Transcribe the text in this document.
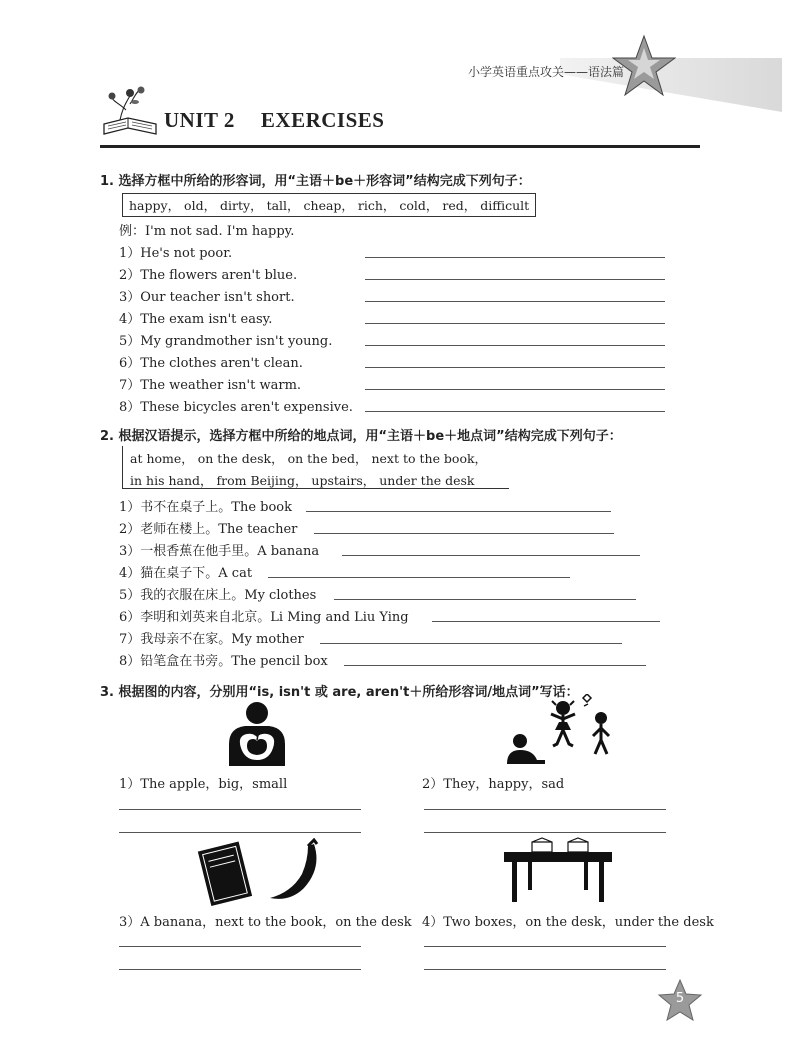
小学英语重点攻关——语法篇
UNIT 2 EXERCISES
1. 选择方框中所给的形容词，用“主语＋be＋形容词”结构完成下列句子：
happy， old， dirty， tall， cheap， rich， cold， red， difficult
例：I'm not sad. I'm happy.
1）He's not poor.
2）The flowers aren't blue.
3）Our teacher isn't short.
4）The exam isn't easy.
5）My grandmother isn't young.
6）The clothes aren't clean.
7）The weather isn't warm.
8）These bicycles aren't expensive.
2. 根据汉语提示，选择方框中所给的地点词，用“主语＋be＋地点词”结构完成下列句子：
at home， on the desk， on the bed， next to the book，
in his hand， from Beijing， upstairs， under the desk
1）书不在桌子上。The book
2）老师在楼上。The teacher
3）一根香蕉在他手里。A banana
4）猫在桌子下。A cat
5）我的衣服在床上。My clothes
6）李明和刘英来自北京。Li Ming and Liu Ying
7）我母亲不在家。My mother
8）铅笔盒在书旁。The pencil box
3. 根据图的内容，分别用“is, isn't 或 are, aren't＋所给形容词/地点词”写话：
1）The apple，big，small	2）They，happy，sad
3）A banana，next to the book，on the desk 4）Two boxes，on the desk，under the desk
5
